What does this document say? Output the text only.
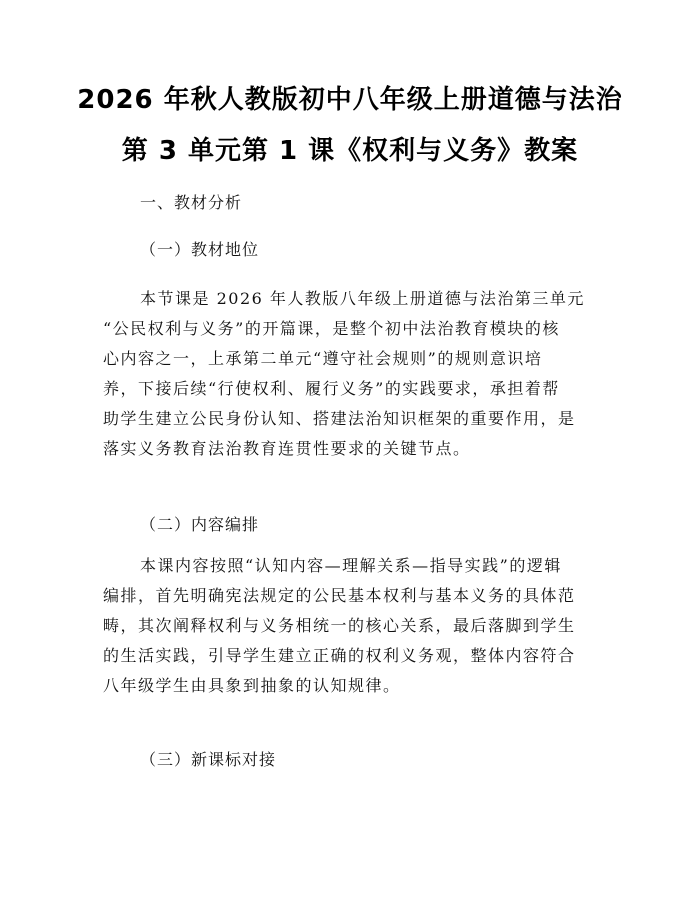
2026 年秋人教版初中八年级上册道德与法治
第 3 单元第 1 课《权利与义务》教案
一、教材分析
（一）教材地位
本节课是 2026 年人教版八年级上册道德与法治第三单元
“公民权利与义务”的开篇课，是整个初中法治教育模块的核
心内容之一，上承第二单元“遵守社会规则”的规则意识培
养，下接后续“行使权利、履行义务”的实践要求，承担着帮
助学生建立公民身份认知、搭建法治知识框架的重要作用，是
落实义务教育法治教育连贯性要求的关键节点。
（二）内容编排
本课内容按照“认知内容—理解关系—指导实践”的逻辑
编排，首先明确宪法规定的公民基本权利与基本义务的具体范
畴，其次阐释权利与义务相统一的核心关系，最后落脚到学生
的生活实践，引导学生建立正确的权利义务观，整体内容符合
八年级学生由具象到抽象的认知规律。
（三）新课标对接
